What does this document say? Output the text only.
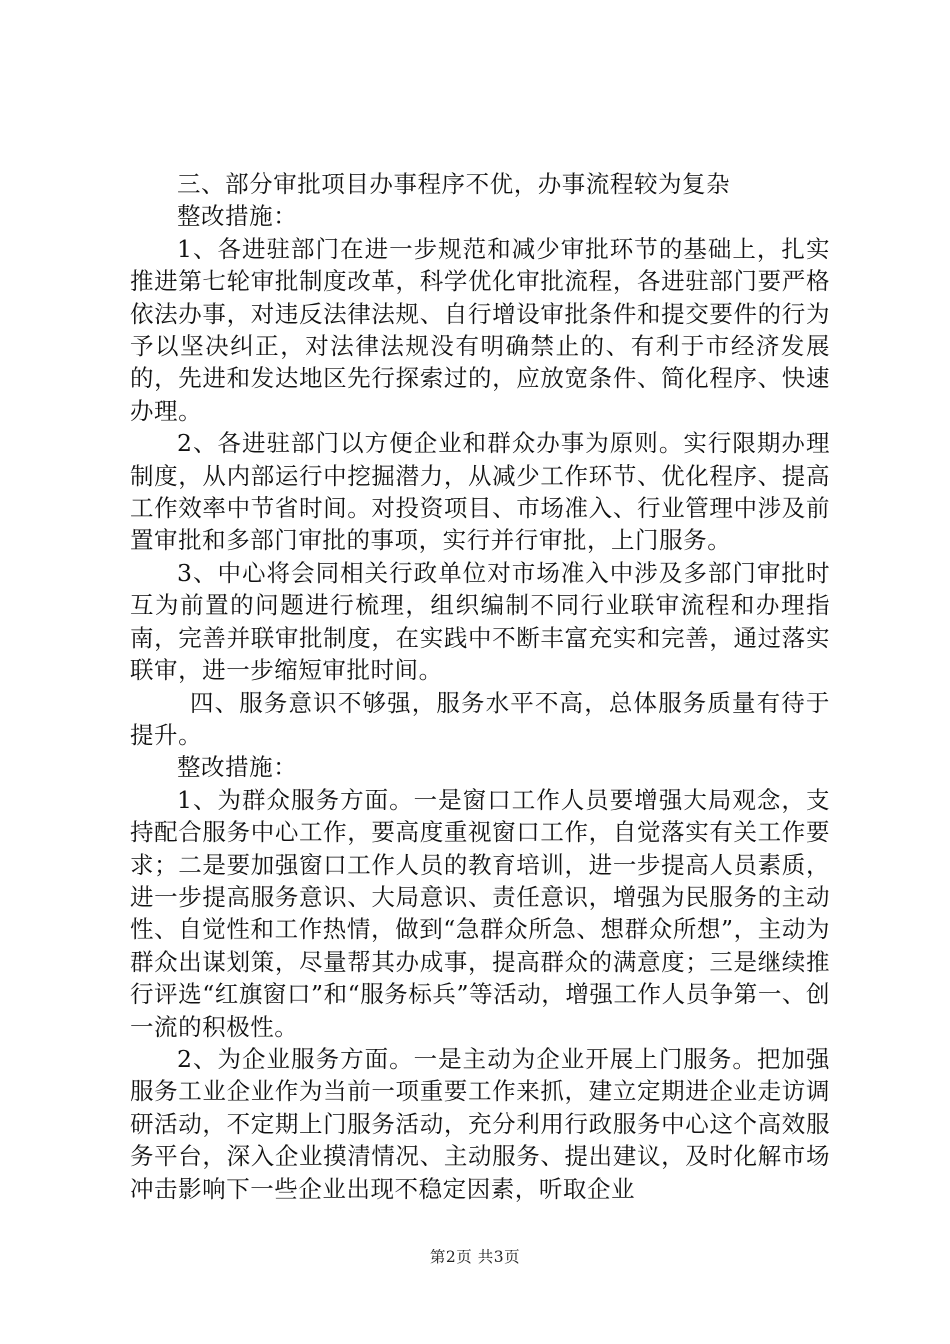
三、部分审批项目办事程序不优，办事流程较为复杂

整改措施：

1、各进驻部门在进一步规范和减少审批环节的基础上，扎实推进第七轮审批制度改革，科学优化审批流程，各进驻部门要严格依法办事，对违反法律法规、自行增设审批条件和提交要件的行为予以坚决纠正，对法律法规没有明确禁止的、有利于市经济发展的，先进和发达地区先行探索过的，应放宽条件、简化程序、快速办理。

2、各进驻部门以方便企业和群众办事为原则。实行限期办理制度，从内部运行中挖掘潜力，从减少工作环节、优化程序、提高工作效率中节省时间。对投资项目、市场准入、行业管理中涉及前置审批和多部门审批的事项，实行并行审批，上门服务。

3、中心将会同相关行政单位对市场准入中涉及多部门审批时互为前置的问题进行梳理，组织编制不同行业联审流程和办理指南，完善并联审批制度，在实践中不断丰富充实和完善，通过落实联审，进一步缩短审批时间。

四、服务意识不够强，服务水平不高，总体服务质量有待于提升。

整改措施：

1、为群众服务方面。一是窗口工作人员要增强大局观念，支持配合服务中心工作，要高度重视窗口工作，自觉落实有关工作要求；二是要加强窗口工作人员的教育培训，进一步提高人员素质，进一步提高服务意识、大局意识、责任意识，增强为民服务的主动性、自觉性和工作热情，做到“急群众所急、想群众所想”，主动为群众出谋划策，尽量帮其办成事，提高群众的满意度；三是继续推行评选“红旗窗口”和“服务标兵”等活动，增强工作人员争第一、创一流的积极性。

2、为企业服务方面。一是主动为企业开展上门服务。把加强服务工业企业作为当前一项重要工作来抓，建立定期进企业走访调研活动，不定期上门服务活动，充分利用行政服务中心这个高效服务平台，深入企业摸清情况、主动服务、提出建议，及时化解市场冲击影响下一些企业出现不稳定因素，听取企业

第2页 共3页
